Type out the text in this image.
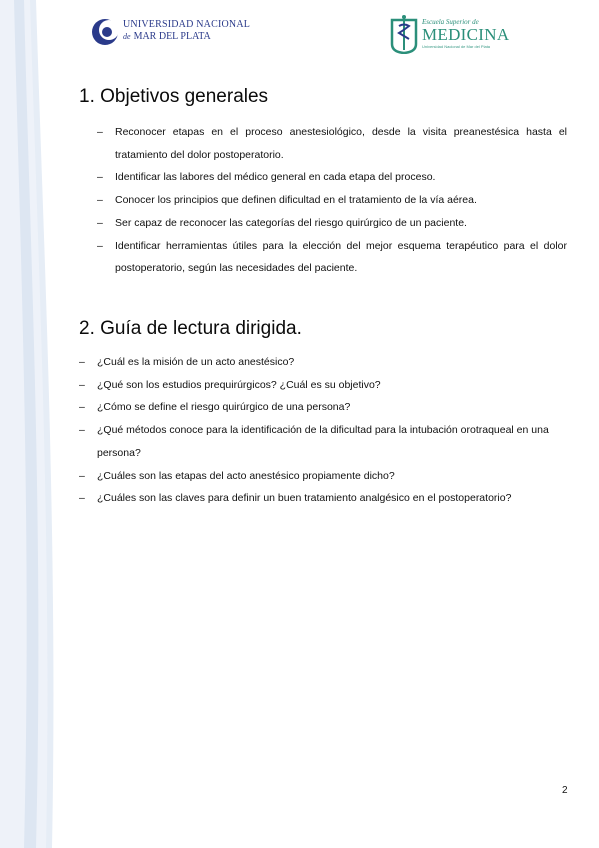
UNIVERSIDAD NACIONAL
de MAR DEL PLATA
Escuela Superior de
MEDICINA
Universidad Nacional de Mar del Plata
1. Objetivos generales
– Reconocer etapas en el proceso anestesiológico, desde la visita preanestésica hasta el tratamiento del dolor postoperatorio.
– Identificar las labores del médico general en cada etapa del proceso.
– Conocer los principios que definen dificultad en el tratamiento de la vía aérea.
– Ser capaz de reconocer las categorías del riesgo quirúrgico de un paciente.
– Identificar herramientas útiles para la elección del mejor esquema terapéutico para el dolor postoperatorio, según las necesidades del paciente.
2. Guía de lectura dirigida.
– ¿Cuál es la misión de un acto anestésico?
– ¿Qué son los estudios prequirúrgicos? ¿Cuál es su objetivo?
– ¿Cómo se define el riesgo quirúrgico de una persona?
– ¿Qué métodos conoce para la identificación de la dificultad para la intubación orotraqueal en una persona?
– ¿Cuáles son las etapas del acto anestésico propiamente dicho?
– ¿Cuáles son las claves para definir un buen tratamiento analgésico en el postoperatorio?
2
